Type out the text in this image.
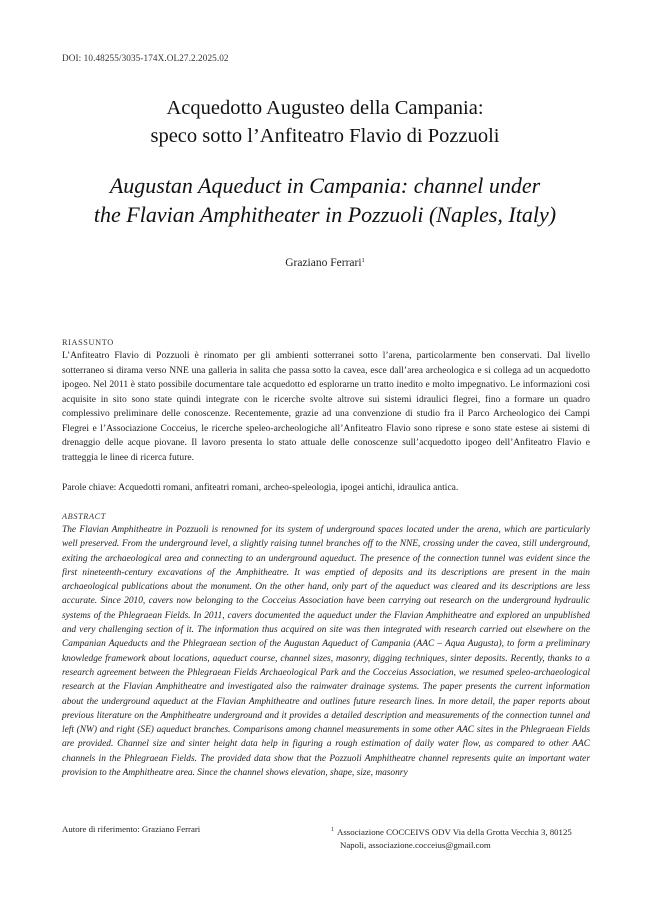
DOI: 10.48255/3035-174X.OL27.2.2025.02
Acquedotto Augusteo della Campania:
speco sotto l’Anfiteatro Flavio di Pozzuoli
Augustan Aqueduct in Campania: channel under
the Flavian Amphitheater in Pozzuoli (Naples, Italy)
Graziano Ferrari$^1$
RIASSUNTO
L’Anfiteatro Flavio di Pozzuoli è rinomato per gli ambienti sotterranei sotto l’arena, particolarmente ben conservati. Dal livello sotterraneo si dirama verso NNE una galleria in salita che passa sotto la cavea, esce dall’area archeologica e si collega ad un acquedotto ipogeo. Nel 2011 è stato possibile documentare tale acquedotto ed esplorarne un tratto inedito e molto impegnativo. Le informazioni così acquisite in sito sono state quindi integrate con le ricerche svolte altrove sui sistemi idraulici flegrei, fino a formare un quadro complessivo preliminare delle conoscenze. Recentemente, grazie ad una convenzione di studio fra il Parco Archeologico dei Campi Flegrei e l’Associazione Cocceius, le ricerche speleo-archeologiche all’Anfiteatro Flavio sono riprese e sono state estese ai sistemi di drenaggio delle acque piovane. Il lavoro presenta lo stato attuale delle conoscenze sull’acquedotto ipogeo dell’Anfiteatro Flavio e tratteggia le linee di ricerca future.
Parole chiave: Acquedotti romani, anfiteatri romani, archeo-speleologia, ipogei antichi, idraulica antica.
ABSTRACT
The Flavian Amphitheatre in Pozzuoli is renowned for its system of underground spaces located under the arena, which are particularly well preserved. From the underground level, a slightly raising tunnel branches off to the NNE, crossing under the cavea, still underground, exiting the archaeological area and connecting to an underground aqueduct. The presence of the connection tunnel was evident since the first nineteenth-century excavations of the Amphitheatre. It was emptied of deposits and its descriptions are present in the main archaeological publications about the monument. On the other hand, only part of the aqueduct was cleared and its descriptions are less accurate. Since 2010, cavers now belonging to the Cocceius Association have been carrying out research on the underground hydraulic systems of the Phlegraean Fields. In 2011, cavers documented the aqueduct under the Flavian Amphitheatre and explored an unpublished and very challenging section of it. The information thus acquired on site was then integrated with research carried out elsewhere on the Campanian Aqueducts and the Phlegraean section of the Augustan Aqueduct of Campania (AAC – Aqua Augusta), to form a preliminary knowledge framework about locations, aqueduct course, channel sizes, masonry, digging techniques, sinter deposits. Recently, thanks to a research agreement between the Phlegraean Fields Archaeological Park and the Cocceius Association, we resumed speleo-archaeological research at the Flavian Amphitheatre and investigated also the rainwater drainage systems. The paper presents the current information about the underground aqueduct at the Flavian Amphitheatre and outlines future research lines. In more detail, the paper reports about previous literature on the Amphitheatre underground and it provides a detailed description and measurements of the connection tunnel and left (NW) and right (SE) aqueduct branches. Comparisons among channel measurements in some other AAC sites in the Phlegraean Fields are provided. Channel size and sinter height data help in figuring a rough estimation of daily water flow, as compared to other AAC channels in the Phlegraean Fields. The provided data show that the Pozzuoli Amphitheatre channel represents quite an important water provision to the Amphitheatre area. Since the channel shows elevation, shape, size, masonry
Autore di riferimento: Graziano Ferrari	$^1$ Associazione COCCEIVS ODV Via della Grotta Vecchia 3, 80125
Napoli, associazione.cocceius@gmail.com
